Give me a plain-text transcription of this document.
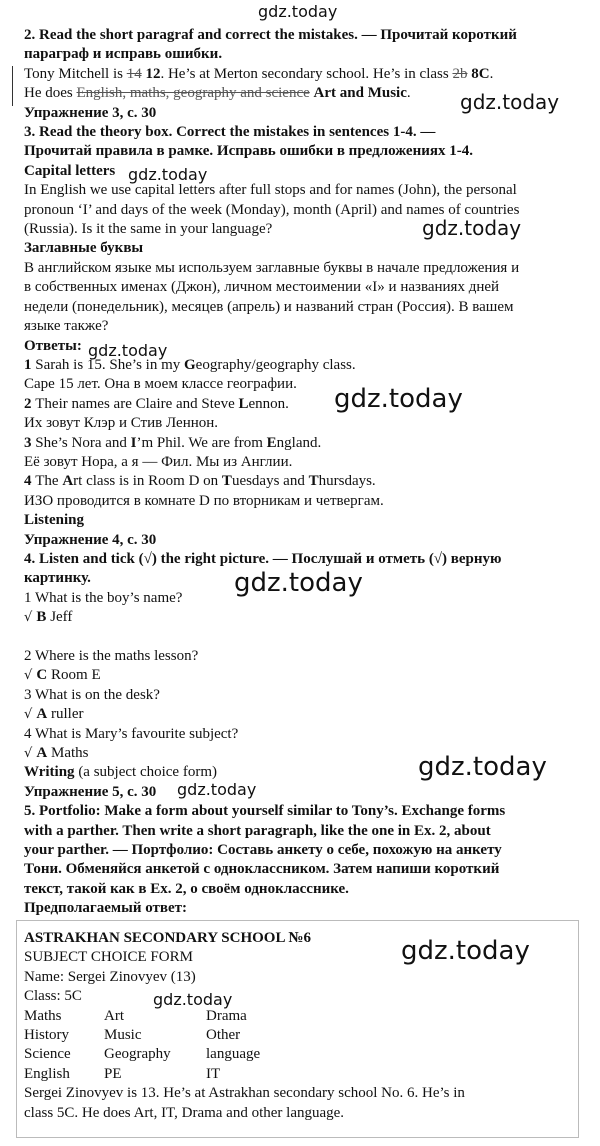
2. Read the short paragraf and correct the mistakes. — Прочитай короткий
параграф и исправь ошибки.
Tony Mitchell is 14 12. He’s at Merton secondary school. He’s in class 2b 8C.
He does English, maths, geography and science Art and Music.
Упражнение 3, с. 30
3. Read the theory box. Correct the mistakes in sentences 1-4. —
Прочитай правила в рамке. Исправь ошибки в предложениях 1-4.
Capital letters
In English we use capital letters after full stops and for names (John), the personal
pronoun ‘I’ and days of the week (Monday), month (April) and names of countries
(Russia). Is it the same in your language?
Заглавные буквы
В английском языке мы используем заглавные буквы в начале предложения и
в собственных именах (Джон), личном местоимении «I» и названиях дней
недели (понедельник), месяцев (апрель) и названий стран (Россия). В вашем
языке также?
Ответы:
1 Sarah is 15. She’s in my Geography/geography class.
Саре 15 лет. Она в моем классе географии.
2 Their names are Claire and Steve Lennon.
Их зовут Клэр и Стив Леннон.
3 She’s Nora and I’m Phil. We are from England.
Её зовут Нора, а я — Фил. Мы из Англии.
4 The Art class is in Room D on Tuesdays and Thursdays.
ИЗО проводится в комнате D по вторникам и четвергам.
Listening
Упражнение 4, с. 30
4. Listen and tick (√) the right picture. — Послушай и отметь (√) верную
картинку.
1 What is the boy’s name?
√ B Jeff

2 Where is the maths lesson?
√ C Room E
3 What is on the desk?
√ A ruller
4 What is Mary’s favourite subject?
√ A Maths
Writing (a subject choice form)
Упражнение 5, с. 30
5. Portfolio: Make a form about yourself similar to Tony’s. Exchange forms
with a parther. Then write a short paragraph, like the one in Ex. 2, about
your parther. — Портфолио: Составь анкету о себе, похожую на анкету
Тони. Обменяйся анкетой с одноклассником. Затем напиши короткий
текст, такой как в Ex. 2, о своём однокласснике.
Предполагаемый ответ:
ASTRAKHAN SECONDARY SCHOOL №6
SUBJECT CHOICE FORM
Name: Sergei Zinovyev (13)
Class: 5C
Maths	Art	Drama
History	Music	Other
Science	Geography	language
English	PE	IT
Sergei Zinovyev is 13. He’s at Astrakhan secondary school No. 6. He’s in
class 5C. He does Art, IT, Drama and other language.
gdz.today
gdz.today
gdz.today
gdz.today
gdz.today
gdz.today
gdz.today
gdz.today
gdz.today
gdz.today
gdz.today
